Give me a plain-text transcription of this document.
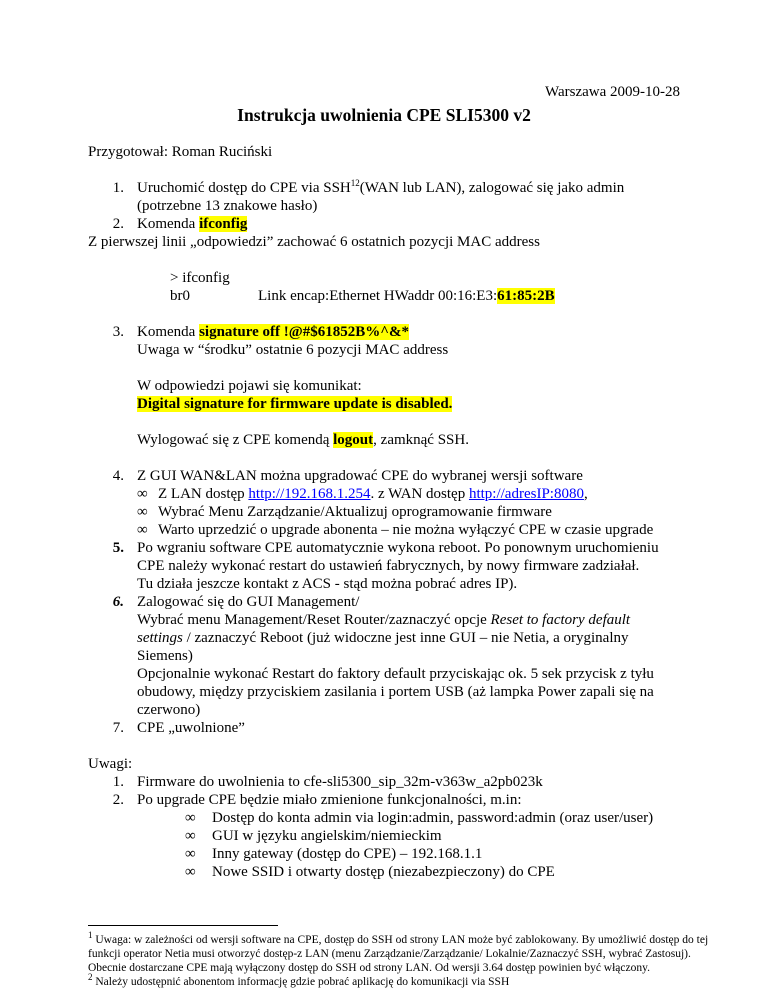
Warszawa 2009-10-28
Instrukcja uwolnienia CPE SLI5300 v2
Przygotował: Roman Ruciński
1. Uruchomić dostęp do CPE via SSH$^{12}$(WAN lub LAN), zalogować się jako admin
(potrzebne 13 znakowe hasło)
2. Komenda ifconfig
Z pierwszej linii „odpowiedzi” zachować 6 ostatnich pozycji MAC address
> ifconfig
br0	Link encap:Ethernet HWaddr 00:16:E3:61:85:2B
3. Komenda signature off !@#$61852B%^&*
Uwaga w “środku” ostatnie 6 pozycji MAC address
W odpowiedzi pojawi się komunikat:
Digital signature for firmware update is disabled.
Wylogować się z CPE komendą logout, zamknąć SSH.
4. Z GUI WAN&LAN można upgradować CPE do wybranej wersji software
∞ Z LAN dostęp http://192.168.1.254. z WAN dostęp http://adresIP:8080,
∞ Wybrać Menu Zarządzanie/Aktualizuj oprogramowanie firmware
∞ Warto uprzedzić o upgrade abonenta – nie można wyłączyć CPE w czasie upgrade
5. Po wgraniu software CPE automatycznie wykona reboot. Po ponownym uruchomieniu
CPE należy wykonać restart do ustawień fabrycznych, by nowy firmware zadziałał.
Tu działa jeszcze kontakt z ACS - stąd można pobrać adres IP).
6. Zalogować się do GUI Management/
Wybrać menu Management/Reset Router/zaznaczyć opcje Reset to factory default
settings / zaznaczyć Reboot (już widoczne jest inne GUI – nie Netia, a oryginalny
Siemens)
Opcjonalnie wykonać Restart do faktory default przyciskając ok. 5 sek przycisk z tyłu
obudowy, między przyciskiem zasilania i portem USB (aż lampka Power zapali się na
czerwono)
7. CPE „uwolnione”
Uwagi:
1. Firmware do uwolnienia to cfe-sli5300_sip_32m-v363w_a2pb023k
2. Po upgrade CPE będzie miało zmienione funkcjonalności, m.in:
∞ Dostęp do konta admin via login:admin, password:admin (oraz user/user)
∞ GUI w języku angielskim/niemieckim
∞ Inny gateway (dostęp do CPE) – 192.168.1.1
∞ Nowe SSID i otwarty dostęp (niezabezpieczony) do CPE
$^1$ Uwaga: w zależności od wersji software na CPE, dostęp do SSH od strony LAN może być zablokowany. By umożliwić dostęp do tej funkcji operator Netia musi otworzyć dostęp-z LAN (menu Zarządzanie/Zarządzanie/ Lokalnie/Zaznaczyć SSH, wybrać Zastosuj). Obecnie dostarczane CPE mają wyłączony dostęp do SSH od strony LAN. Od wersji 3.64 dostęp powinien być włączony.
$^2$ Należy udostępnić abonentom informację gdzie pobrać aplikację do komunikacji via SSH
